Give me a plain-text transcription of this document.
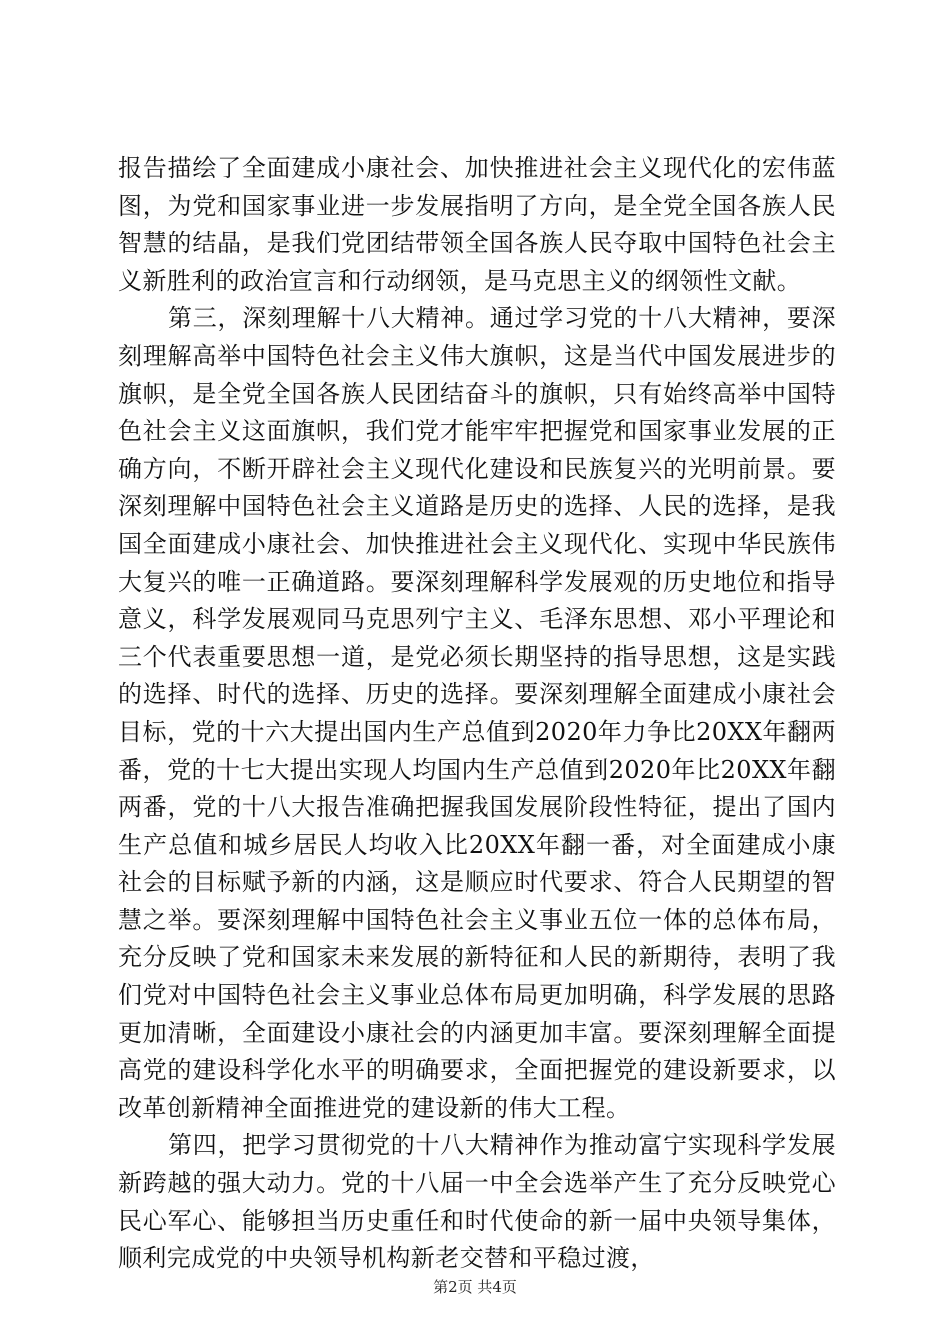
报告描绘了全面建成小康社会、加快推进社会主义现代化的宏伟蓝图，为党和国家事业进一步发展指明了方向，是全党全国各族人民智慧的结晶，是我们党团结带领全国各族人民夺取中国特色社会主义新胜利的政治宣言和行动纲领，是马克思主义的纲领性文献。

第三，深刻理解十八大精神。通过学习党的十八大精神，要深刻理解高举中国特色社会主义伟大旗帜，这是当代中国发展进步的旗帜，是全党全国各族人民团结奋斗的旗帜，只有始终高举中国特色社会主义这面旗帜，我们党才能牢牢把握党和国家事业发展的正确方向，不断开辟社会主义现代化建设和民族复兴的光明前景。要深刻理解中国特色社会主义道路是历史的选择、人民的选择，是我国全面建成小康社会、加快推进社会主义现代化、实现中华民族伟大复兴的唯一正确道路。要深刻理解科学发展观的历史地位和指导意义，科学发展观同马克思列宁主义、毛泽东思想、邓小平理论和三个代表重要思想一道，是党必须长期坚持的指导思想，这是实践的选择、时代的选择、历史的选择。要深刻理解全面建成小康社会目标，党的十六大提出国内生产总值到2020年力争比20XX年翻两番，党的十七大提出实现人均国内生产总值到2020年比20XX年翻两番，党的十八大报告准确把握我国发展阶段性特征，提出了国内生产总值和城乡居民人均收入比20XX年翻一番，对全面建成小康社会的目标赋予新的内涵，这是顺应时代要求、符合人民期望的智慧之举。要深刻理解中国特色社会主义事业五位一体的总体布局，充分反映了党和国家未来发展的新特征和人民的新期待，表明了我们党对中国特色社会主义事业总体布局更加明确，科学发展的思路更加清晰，全面建设小康社会的内涵更加丰富。要深刻理解全面提高党的建设科学化水平的明确要求，全面把握党的建设新要求，以改革创新精神全面推进党的建设新的伟大工程。

第四，把学习贯彻党的十八大精神作为推动富宁实现科学发展新跨越的强大动力。党的十八届一中全会选举产生了充分反映党心民心军心、能够担当历史重任和时代使命的新一届中央领导集体，顺利完成党的中央领导机构新老交替和平稳过渡，

第2页 共4页
